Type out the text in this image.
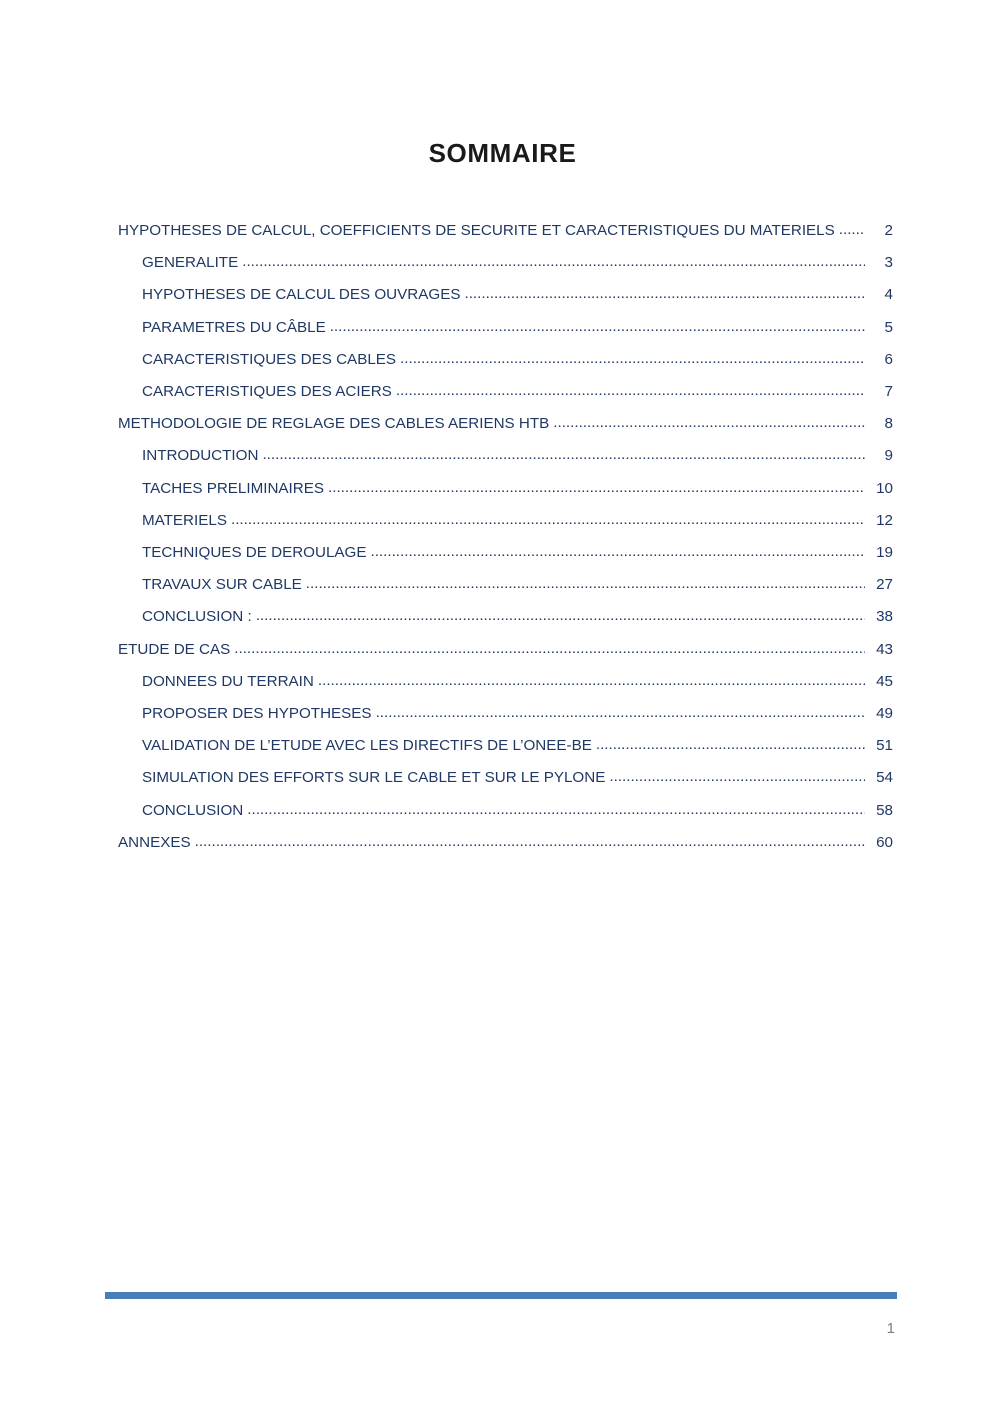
SOMMAIRE
HYPOTHESES DE CALCUL, COEFFICIENTS DE SECURITE ET CARACTERISTIQUES DU MATERIELS .....	2
GENERALITE .....	3
HYPOTHESES DE CALCUL DES OUVRAGES .....	4
PARAMETRES DU CÂBLE .....	5
CARACTERISTIQUES DES CABLES .....	6
CARACTERISTIQUES DES ACIERS .....	7
METHODOLOGIE DE REGLAGE DES CABLES AERIENS HTB .....	8
INTRODUCTION .....	9
TACHES PRELIMINAIRES .....	10
MATERIELS .....	12
TECHNIQUES DE DEROULAGE .....	19
TRAVAUX SUR CABLE .....	27
CONCLUSION : .....	38
ETUDE DE CAS .....	43
DONNEES DU TERRAIN .....	45
PROPOSER DES HYPOTHESES .....	49
VALIDATION DE L’ETUDE AVEC LES DIRECTIFS DE L’ONEE-BE .....	51
SIMULATION DES EFFORTS SUR LE CABLE ET SUR LE PYLONE .....	54
CONCLUSION .....	58
ANNEXES .....	60
1
